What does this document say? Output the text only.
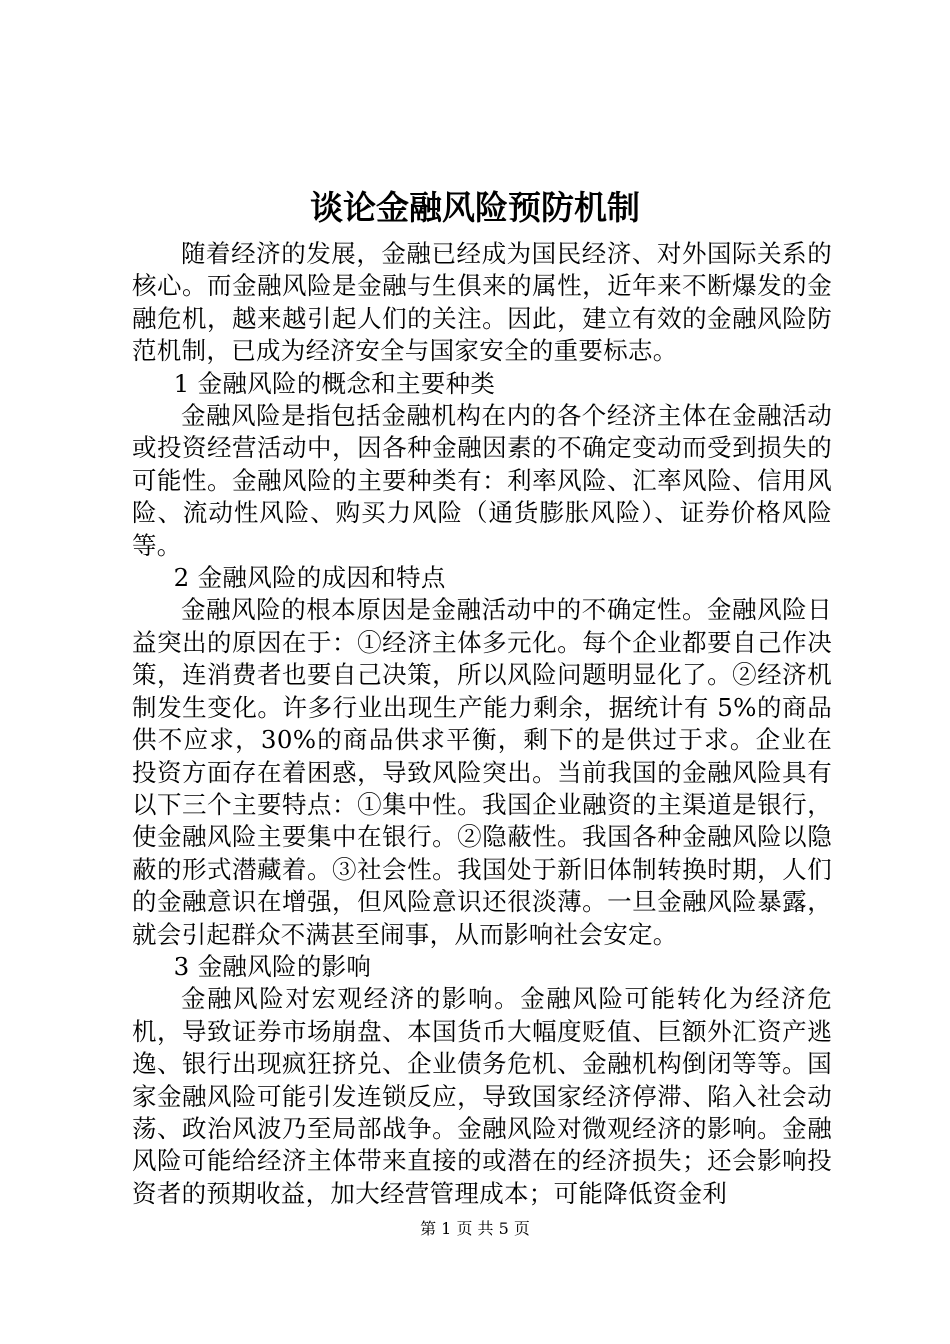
谈论金融风险预防机制

随着经济的发展，金融已经成为国民经济、对外国际关系的核心。而金融风险是金融与生俱来的属性，近年来不断爆发的金融危机，越来越引起人们的关注。因此，建立有效的金融风险防范机制，已成为经济安全与国家安全的重要标志。

1 金融风险的概念和主要种类

金融风险是指包括金融机构在内的各个经济主体在金融活动或投资经营活动中，因各种金融因素的不确定变动而受到损失的可能性。金融风险的主要种类有：利率风险、汇率风险、信用风险、流动性风险、购买力风险（通货膨胀风险）、证券价格风险等。

2 金融风险的成因和特点

金融风险的根本原因是金融活动中的不确定性。金融风险日益突出的原因在于：①经济主体多元化。每个企业都要自己作决策，连消费者也要自己决策，所以风险问题明显化了。②经济机制发生变化。许多行业出现生产能力剩余，据统计有 5%的商品供不应求，30%的商品供求平衡，剩下的是供过于求。企业在投资方面存在着困惑，导致风险突出。当前我国的金融风险具有以下三个主要特点：①集中性。我国企业融资的主渠道是银行，使金融风险主要集中在银行。②隐蔽性。我国各种金融风险以隐蔽的形式潜藏着。③社会性。我国处于新旧体制转换时期，人们的金融意识在增强，但风险意识还很淡薄。一旦金融风险暴露，就会引起群众不满甚至闹事，从而影响社会安定。

3 金融风险的影响

金融风险对宏观经济的影响。金融风险可能转化为经济危机，导致证券市场崩盘、本国货币大幅度贬值、巨额外汇资产逃逸、银行出现疯狂挤兑、企业债务危机、金融机构倒闭等等。国家金融风险可能引发连锁反应，导致国家经济停滞、陷入社会动荡、政治风波乃至局部战争。金融风险对微观经济的影响。金融风险可能给经济主体带来直接的或潜在的经济损失；还会影响投资者的预期收益，加大经营管理成本；可能降低资金利

第 1 页 共 5 页
